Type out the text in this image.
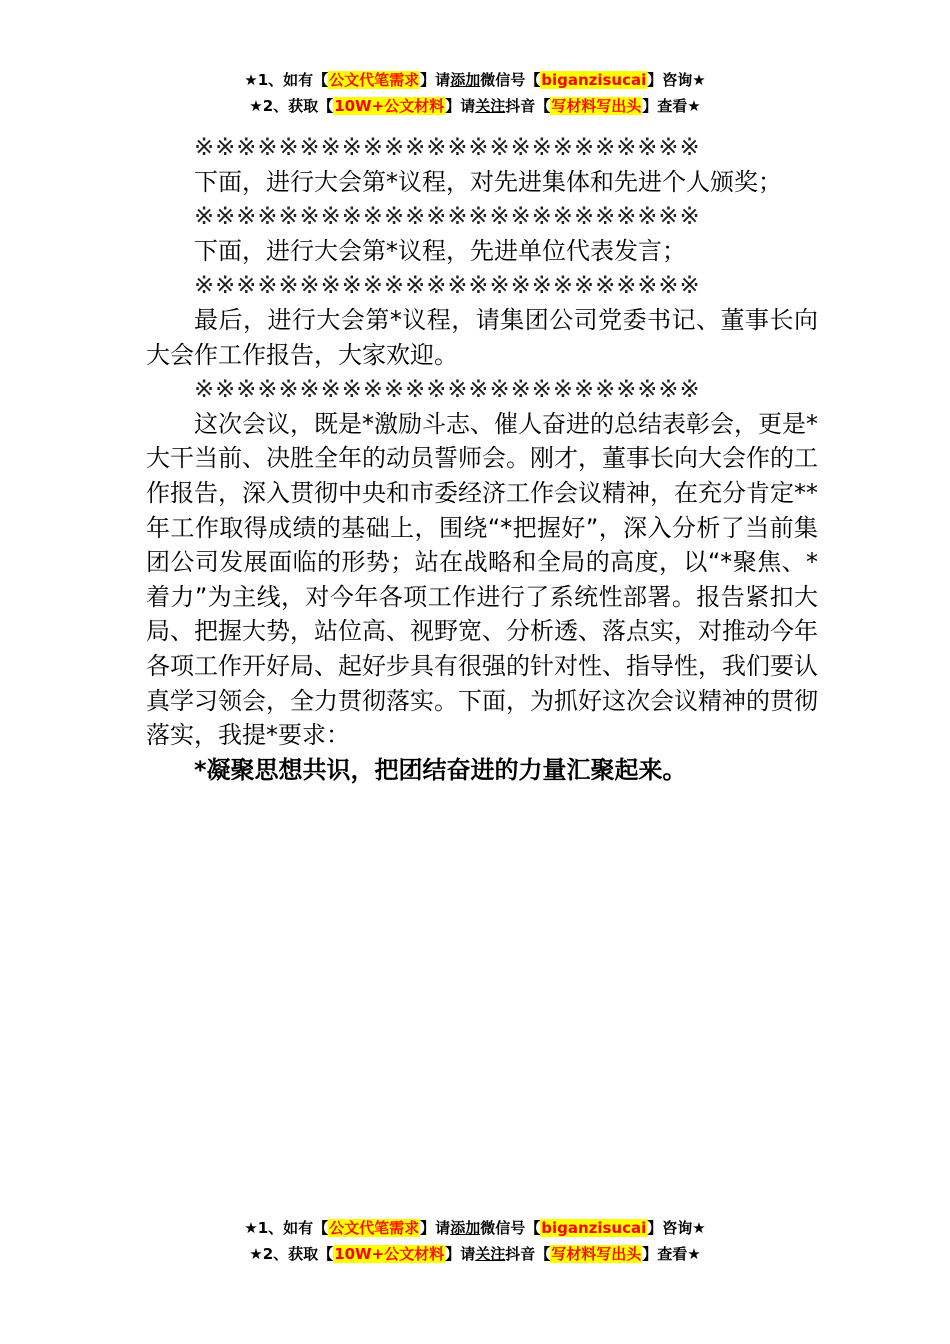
★1、如有【公文代笔需求】请添加微信号【biganzisucai】咨询★
★2、获取【10W+公文材料】请关注抖音【写材料写出头】查看★

※※※※※※※※※※※※※※※※※※※※※※※※

下面，进行大会第*议程，对先进集体和先进个人颁奖；

※※※※※※※※※※※※※※※※※※※※※※※※

下面，进行大会第*议程，先进单位代表发言；

※※※※※※※※※※※※※※※※※※※※※※※※

最后，进行大会第*议程，请集团公司党委书记、董事长向大会作工作报告，大家欢迎。

※※※※※※※※※※※※※※※※※※※※※※※※

这次会议，既是*激励斗志、催人奋进的总结表彰会，更是*大干当前、决胜全年的动员誓师会。刚才，董事长向大会作的工作报告，深入贯彻中央和市委经济工作会议精神，在充分肯定**年工作取得成绩的基础上，围绕“*把握好”，深入分析了当前集团公司发展面临的形势；站在战略和全局的高度，以“*聚焦、*着力”为主线，对今年各项工作进行了系统性部署。报告紧扣大局、把握大势，站位高、视野宽、分析透、落点实，对推动今年各项工作开好局、起好步具有很强的针对性、指导性，我们要认真学习领会，全力贯彻落实。下面，为抓好这次会议精神的贯彻落实，我提*要求：

*凝聚思想共识，把团结奋进的力量汇聚起来。

★1、如有【公文代笔需求】请添加微信号【biganzisucai】咨询★
★2、获取【10W+公文材料】请关注抖音【写材料写出头】查看★
